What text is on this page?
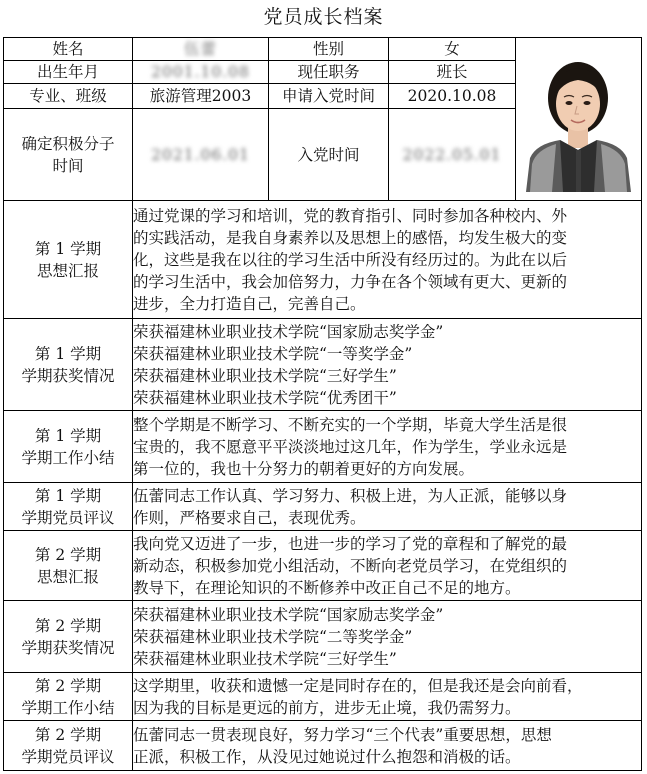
党员成长档案
姓名	伍蕾	性别	女	

出生年月	2001.10.08	现任职务	班长	
专业、班级	旅游管理2003	申请入党时间	2020.10.08	
确定积极分子时间	2021.06.01	入党时间	2022.05.01	

第 1 学期
思想汇报	通过党课的学习和培训，党的教育指引、同时参加各种校内、外
的实践活动，是我自身素养以及思想上的感悟，均发生极大的变
化，这些是我在以往的学习生活中所没有经历过的。为此在以后
的学习生活中，我会加倍努力，力争在各个领域有更大、更新的
进步，全力打造自己，完善自己。			

第 1 学期
学期获奖情况	荣获福建林业职业技术学院“国家励志奖学金”
荣获福建林业职业技术学院“一等奖学金”
荣获福建林业职业技术学院“三好学生”
荣获福建林业职业技术学院“优秀团干”			

第 1 学期
学期工作小结	整个学期是不断学习、不断充实的一个学期，毕竟大学生活是很
宝贵的，我不愿意平平淡淡地过这几年，作为学生，学业永远是
第一位的，我也十分努力的朝着更好的方向发展。			

第 1 学期
学期党员评议	伍蕾同志工作认真、学习努力、积极上进，为人正派，能够以身
作则，严格要求自己，表现优秀。			

第 2 学期
思想汇报	我向党又迈进了一步，也进一步的学习了党的章程和了解党的最
新动态，积极参加党小组活动，不断向老党员学习，在党组织的
教导下，在理论知识的不断修养中改正自己不足的地方。			

第 2 学期
学期获奖情况	荣获福建林业职业技术学院“国家励志奖学金”
荣获福建林业职业技术学院“二等奖学金”
荣获福建林业职业技术学院“三好学生”			

第 2 学期
学期工作小结	这学期里，收获和遗憾一定是同时存在的，但是我还是会向前看，
因为我的目标是更远的前方，进步无止境，我仍需努力。			

第 2 学期
学期党员评议	伍蕾同志一贯表现良好，努力学习“三个代表”重要思想，思想
正派，积极工作，从没见过她说过什么抱怨和消极的话。			
